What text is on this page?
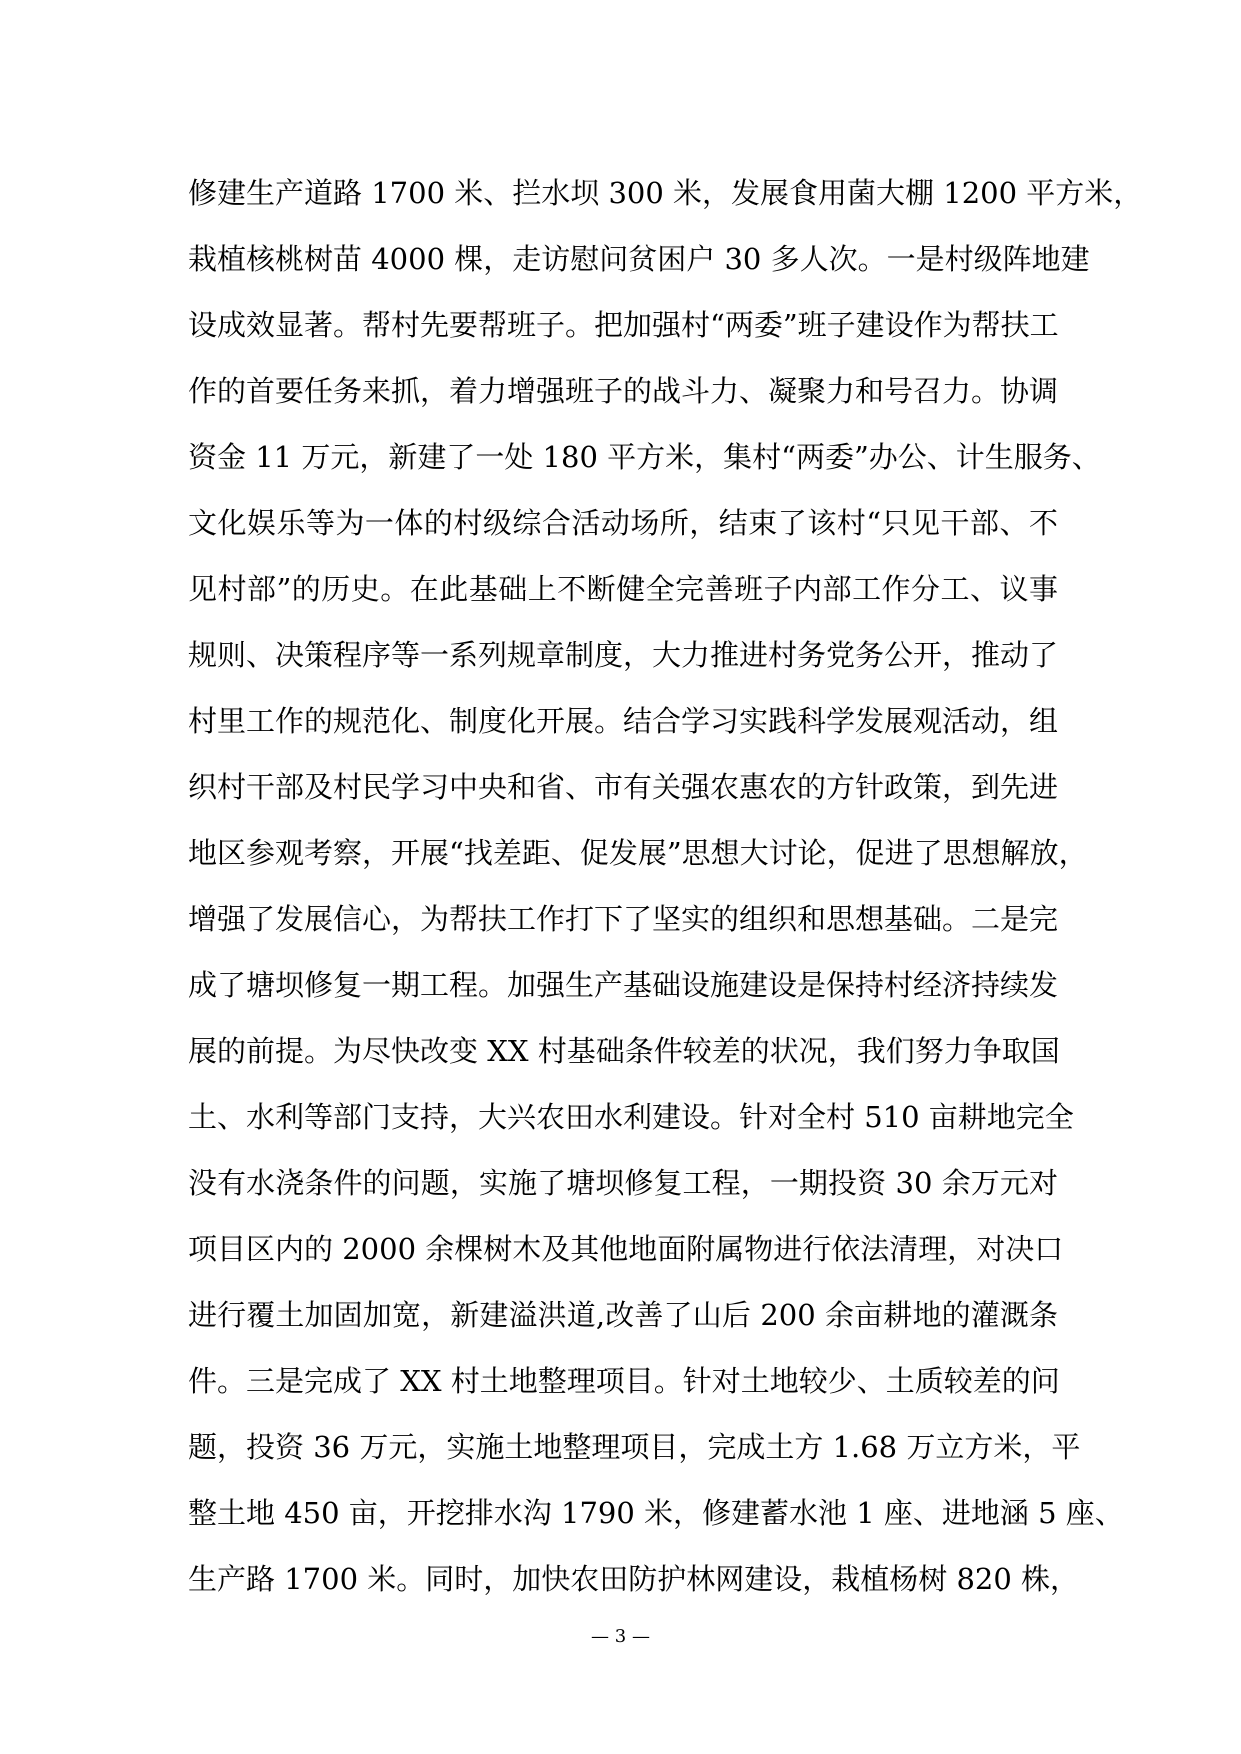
修建生产道路 1700 米、拦水坝 300 米，发展食用菌大棚 1200 平方米，
栽植核桃树苗 4000 棵，走访慰问贫困户 30 多人次。一是村级阵地建
设成效显著。帮村先要帮班子。把加强村“两委”班子建设作为帮扶工
作的首要任务来抓，着力增强班子的战斗力、凝聚力和号召力。协调
资金 11 万元，新建了一处 180 平方米，集村“两委”办公、计生服务、
文化娱乐等为一体的村级综合活动场所，结束了该村“只见干部、不
见村部”的历史。在此基础上不断健全完善班子内部工作分工、议事
规则、决策程序等一系列规章制度，大力推进村务党务公开，推动了
村里工作的规范化、制度化开展。结合学习实践科学发展观活动，组
织村干部及村民学习中央和省、市有关强农惠农的方针政策，到先进
地区参观考察，开展“找差距、促发展”思想大讨论，促进了思想解放，
增强了发展信心，为帮扶工作打下了坚实的组织和思想基础。二是完
成了塘坝修复一期工程。加强生产基础设施建设是保持村经济持续发
展的前提。为尽快改变 XX 村基础条件较差的状况，我们努力争取国
土、水利等部门支持，大兴农田水利建设。针对全村 510 亩耕地完全
没有水浇条件的问题，实施了塘坝修复工程，一期投资 30 余万元对
项目区内的 2000 余棵树木及其他地面附属物进行依法清理，对决口
进行覆土加固加宽，新建溢洪道,改善了山后 200 余亩耕地的灌溉条
件。三是完成了 XX 村土地整理项目。针对土地较少、土质较差的问
题，投资 36 万元，实施土地整理项目，完成土方 1.68 万立方米，平
整土地 450 亩，开挖排水沟 1790 米，修建蓄水池 1 座、进地涵 5 座、
生产路 1700 米。同时，加快农田防护林网建设，栽植杨树 820 株，
— 3 —
